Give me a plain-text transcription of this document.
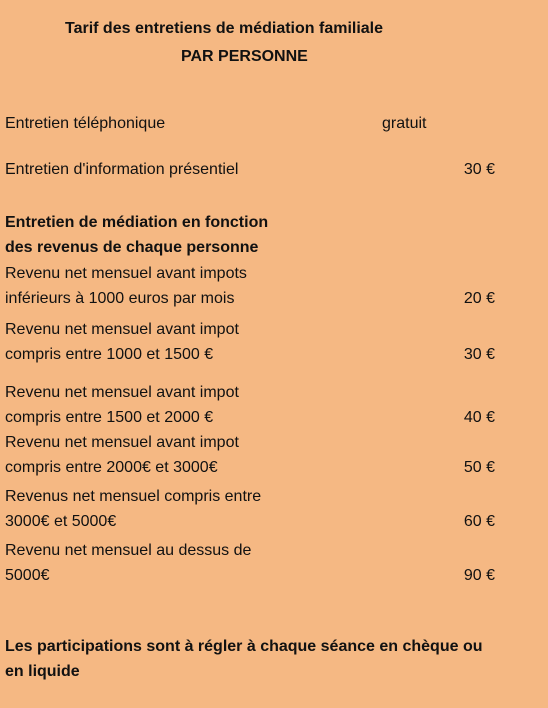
Tarif des entretiens de médiation familiale
PAR PERSONNE
Entretien téléphonique	gratuit
Entretien d'information présentiel	30 €
Entretien de médiation en fonction
des revenus de chaque personne
Revenu net mensuel avant impots
inférieurs à 1000 euros par mois	20 €
Revenu net mensuel avant impot
compris entre 1000 et 1500 €	30 €
Revenu net mensuel avant impot
compris entre 1500 et 2000 €	40 €
Revenu net mensuel avant impot
compris entre 2000€ et 3000€	50 €
Revenus net mensuel compris entre
3000€ et 5000€	60 €
Revenu net mensuel au dessus de
5000€	90 €
Les participations sont à régler à chaque séance en chèque ou
en liquide
